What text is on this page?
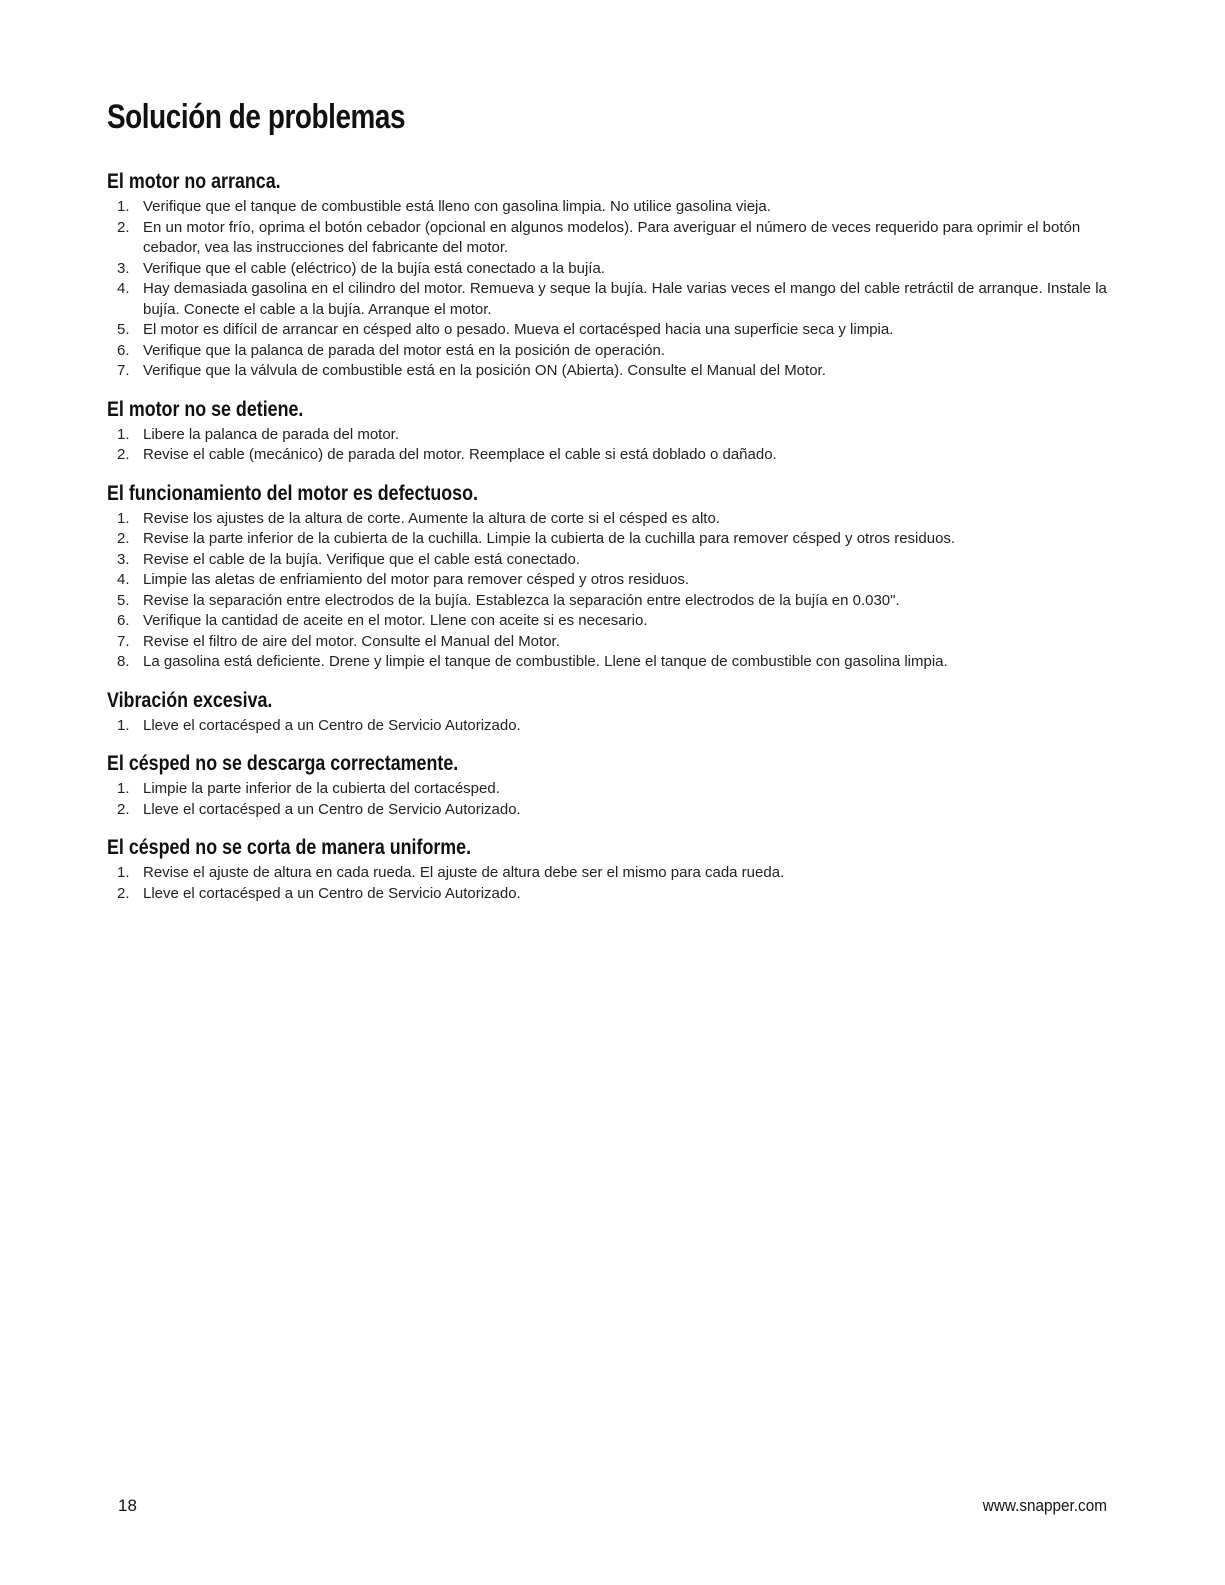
Solución de problemas
El motor no arranca.
1. Verifique que el tanque de combustible está lleno con gasolina limpia. No utilice gasolina vieja.
2. En un motor frío, oprima el botón cebador (opcional en algunos modelos). Para averiguar el número de veces requerido para oprimir el botón cebador, vea las instrucciones del fabricante del motor.
3. Verifique que el cable (eléctrico) de la bujía está conectado a la bujía.
4. Hay demasiada gasolina en el cilindro del motor. Remueva y seque la bujía. Hale varias veces el mango del cable retráctil de arranque. Instale la bujía. Conecte el cable a la bujía. Arranque el motor.
5. El motor es difícil de arrancar en césped alto o pesado. Mueva el cortacésped hacia una superficie seca y limpia.
6. Verifique que la palanca de parada del motor está en la posición de operación.
7. Verifique que la válvula de combustible está en la posición ON (Abierta). Consulte el Manual del Motor.
El motor no se detiene.
1. Libere la palanca de parada del motor.
2. Revise el cable (mecánico) de parada del motor. Reemplace el cable si está doblado o dañado.
El funcionamiento del motor es defectuoso.
1. Revise los ajustes de la altura de corte. Aumente la altura de corte si el césped es alto.
2. Revise la parte inferior de la cubierta de la cuchilla. Limpie la cubierta de la cuchilla para remover césped y otros residuos.
3. Revise el cable de la bujía. Verifique que el cable está conectado.
4. Limpie las aletas de enfriamiento del motor para remover césped y otros residuos.
5. Revise la separación entre electrodos de la bujía. Establezca la separación entre electrodos de la bujía en 0.030".
6. Verifique la cantidad de aceite en el motor. Llene con aceite si es necesario.
7. Revise el filtro de aire del motor. Consulte el Manual del Motor.
8. La gasolina está deficiente. Drene y limpie el tanque de combustible. Llene el tanque de combustible con gasolina limpia.
Vibración excesiva.
1. Lleve el cortacésped a un Centro de Servicio Autorizado.
El césped no se descarga correctamente.
1. Limpie la parte inferior de la cubierta del cortacésped.
2. Lleve el cortacésped a un Centro de Servicio Autorizado.
El césped no se corta de manera uniforme.
1. Revise el ajuste de altura en cada rueda. El ajuste de altura debe ser el mismo para cada rueda.
2. Lleve el cortacésped a un Centro de Servicio Autorizado.
18	www.snapper.com
